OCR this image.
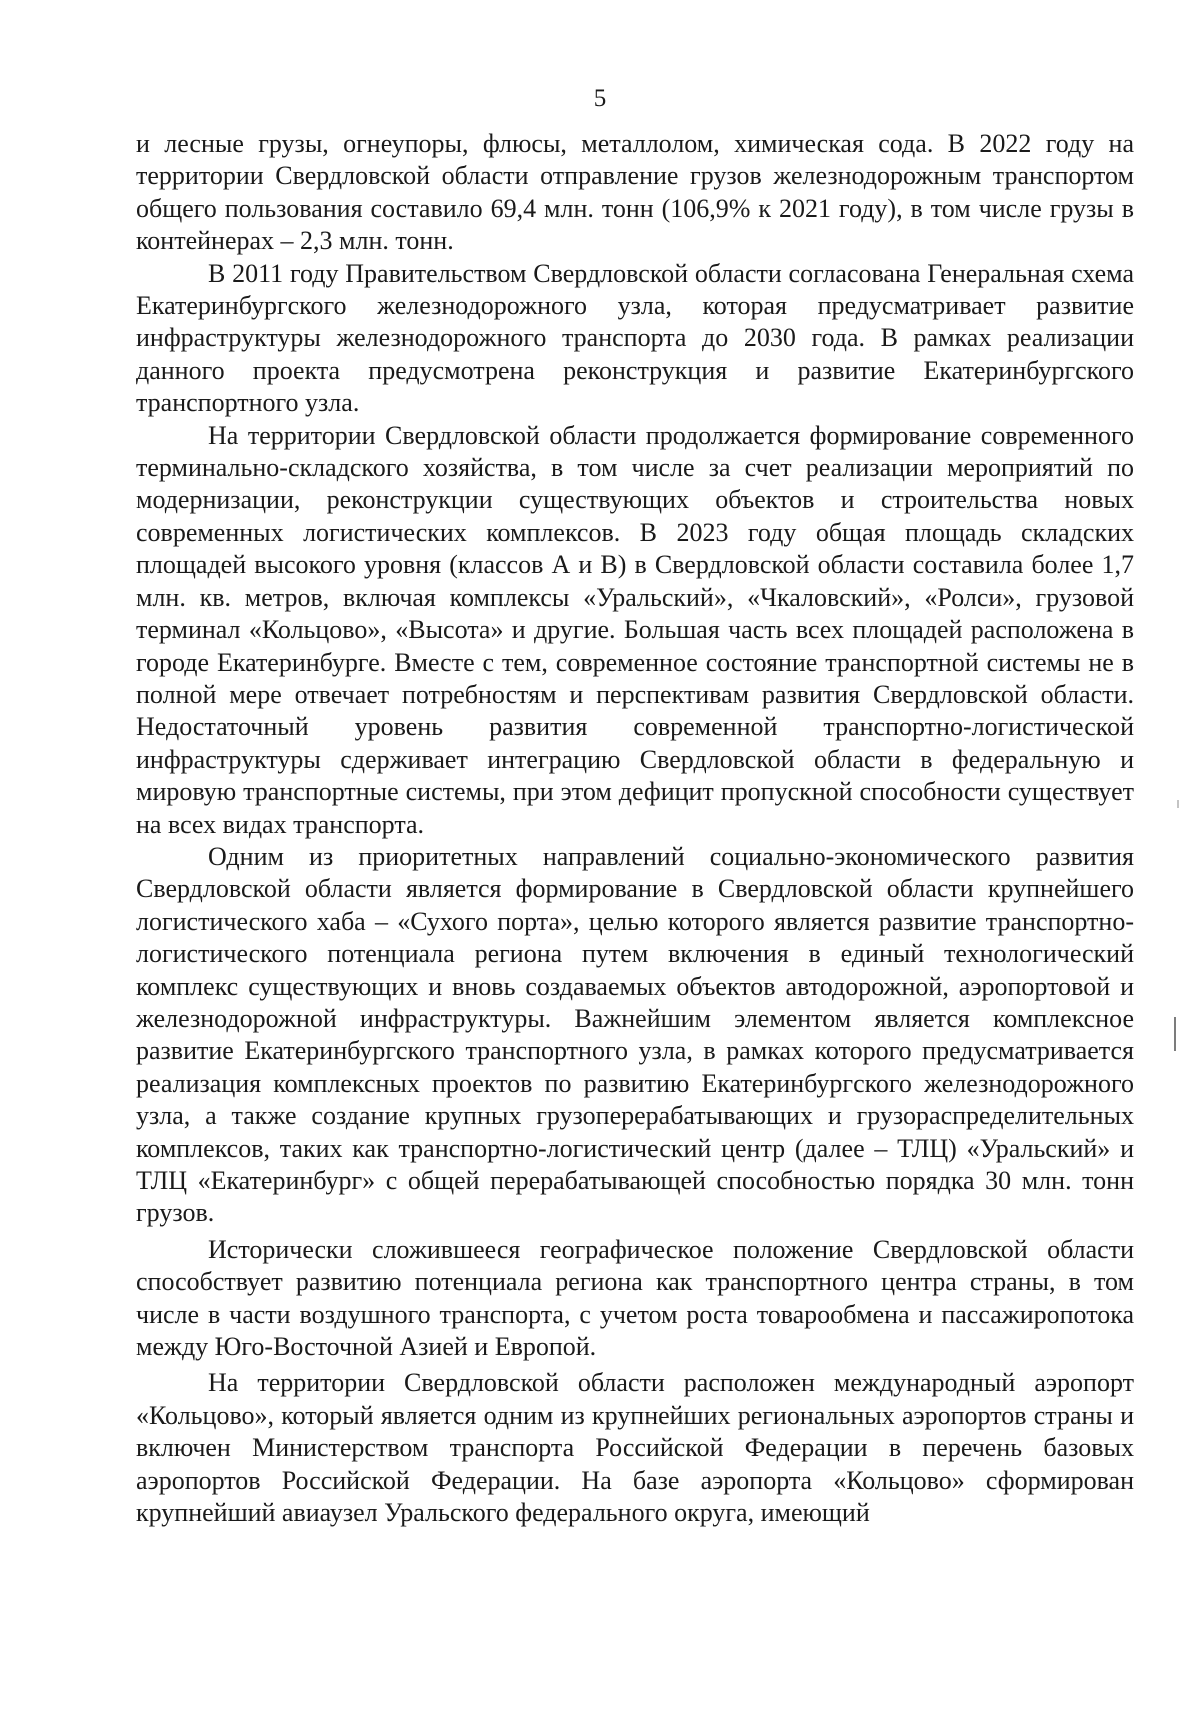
5

и лесные грузы, огнеупоры, флюсы, металлолом, химическая сода. В 2022 году на территории Свердловской области отправление грузов железнодорожным транспортом общего пользования составило 69,4 млн. тонн (106,9% к 2021 году), в том числе грузы в контейнерах – 2,3 млн. тонн.

В 2011 году Правительством Свердловской области согласована Генеральная схема Екатеринбургского железнодорожного узла, которая предусматривает развитие инфраструктуры железнодорожного транспорта до 2030 года. В рамках реализации данного проекта предусмотрена реконструкция и развитие Екатеринбургского транспортного узла.

На территории Свердловской области продолжается формирование современного терминально-складского хозяйства, в том числе за счет реализации мероприятий по модернизации, реконструкции существующих объектов и строительства новых современных логистических комплексов. В 2023 году общая площадь складских площадей высокого уровня (классов А и В) в Свердловской области составила более 1,7 млн. кв. метров, включая комплексы «Уральский», «Чкаловский», «Ролси», грузовой терминал «Кольцово», «Высота» и другие. Большая часть всех площадей расположена в городе Екатеринбурге. Вместе с тем, современное состояние транспортной системы не в полной мере отвечает потребностям и перспективам развития Свердловской области. Недостаточный уровень развития современной транспортно-логистической инфраструктуры сдерживает интеграцию Свердловской области в федеральную и мировую транспортные системы, при этом дефицит пропускной способности существует на всех видах транспорта.

Одним из приоритетных направлений социально-экономического развития Свердловской области является формирование в Свердловской области крупнейшего логистического хаба – «Сухого порта», целью которого является развитие транспортно-логистического потенциала региона путем включения в единый технологический комплекс существующих и вновь создаваемых объектов автодорожной, аэропортовой и железнодорожной инфраструктуры. Важнейшим элементом является комплексное развитие Екатеринбургского транспортного узла, в рамках которого предусматривается реализация комплексных проектов по развитию Екатеринбургского железнодорожного узла, а также создание крупных грузоперерабатывающих и грузораспределительных комплексов, таких как транспортно-логистический центр (далее – ТЛЦ) «Уральский» и ТЛЦ «Екатеринбург» с общей перерабатывающей способностью порядка 30 млн. тонн грузов.

Исторически сложившееся географическое положение Свердловской области способствует развитию потенциала региона как транспортного центра страны, в том числе в части воздушного транспорта, с учетом роста товарообмена и пассажиропотока между Юго-Восточной Азией и Европой.

На территории Свердловской области расположен международный аэропорт «Кольцово», который является одним из крупнейших региональных аэропортов страны и включен Министерством транспорта Российской Федерации в перечень базовых аэропортов Российской Федерации. На базе аэропорта «Кольцово» сформирован крупнейший авиаузел Уральского федерального округа, имеющий
